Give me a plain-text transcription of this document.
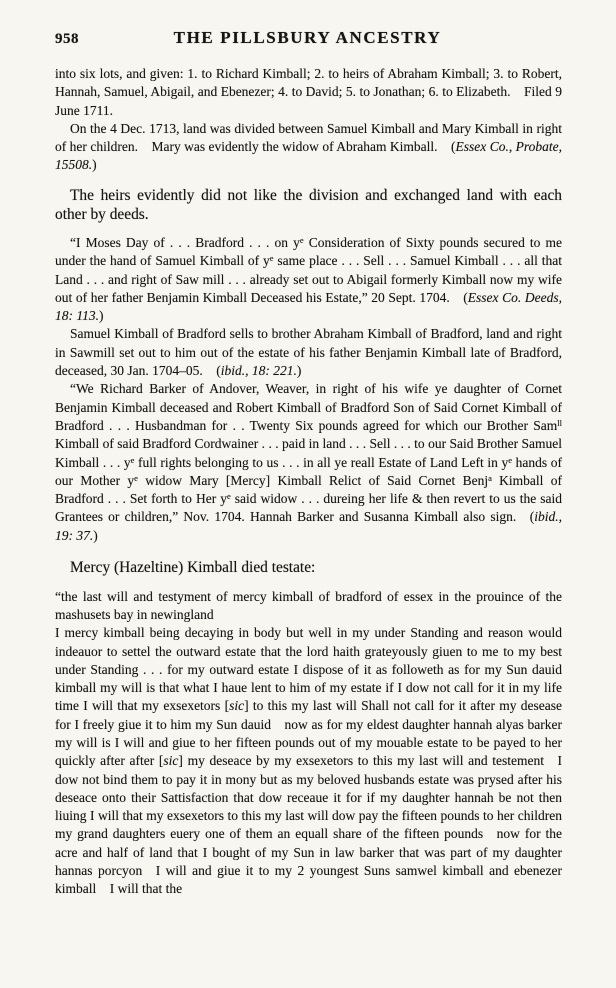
958	THE PILLSBURY ANCESTRY

into six lots, and given: 1. to Richard Kimball; 2. to heirs of Abraham Kimball; 3. to Robert, Hannah, Samuel, Abigail, and Ebenezer; 4. to David; 5. to Jonathan; 6. to Elizabeth. Filed 9 June 1711.

On the 4 Dec. 1713, land was divided between Samuel Kimball and Mary Kimball in right of her children. Mary was evidently the widow of Abraham Kimball. (Essex Co., Probate, 15508.)

The heirs evidently did not like the division and exchanged land with each other by deeds.

“I Moses Day of . . . Bradford . . . on $y^e$ Consideration of Sixty pounds secured to me under the hand of Samuel Kimball of $y^e$ same place . . . Sell . . . Samuel Kimball . . . all that Land . . . and right of Saw mill . . . already set out to Abigail formerly Kimball now my wife out of her father Benjamin Kimball Deceased his Estate,” 20 Sept. 1704. (Essex Co. Deeds, 18: 113.)

Samuel Kimball of Bradford sells to brother Abraham Kimball of Bradford, land and right in Sawmill set out to him out of the estate of his father Benjamin Kimball late of Bradford, deceased, 30 Jan. 1704–05. (ibid., 18: 221.)

“We Richard Barker of Andover, Weaver, in right of his wife ye daughter of Cornet Benjamin Kimball deceased and Robert Kimball of Bradford Son of Said Cornet Kimball of Bradford . . . Husbandman for . . Twenty Six pounds agreed for which our Brother Sam$^{ll}$ Kimball of said Bradford Cordwainer . . . paid in land . . . Sell . . . to our Said Brother Samuel Kimball . . . $y^e$ full rights belonging to us . . . in all ye reall Estate of Land Left in $y^e$ hands of our Mother $y^e$ widow Mary [Mercy] Kimball Relict of Said Cornet Benj$^a$ Kimball of Bradford . . . Set forth to Her $y^e$ said widow . . . dureing her life & then revert to us the said Grantees or children,” Nov. 1704. Hannah Barker and Susanna Kimball also sign. (ibid., 19: 37.)

Mercy (Hazeltine) Kimball died testate:

“the last will and testyment of mercy kimball of bradford of essex in the prouince of the mashusets bay in newingland

I mercy kimball being decaying in body but well in my under Standing and reason would indeauor to settel the outward estate that the lord haith grateyously giuen to me to my best under Standing . . . for my outward estate I dispose of it as followeth as for my Sun dauid kimball my will is that what I haue lent to him of my estate if I dow not call for it in my life time I will that my exsexetors [sic] to this my last will Shall not call for it after my desease for I freely giue it to him my Sun dauid now as for my eldest daughter hannah alyas barker my will is I will and giue to her fifteen pounds out of my mouable estate to be payed to her quickly after after [sic] my deseace by my exsexetors to this my last will and testement I dow not bind them to pay it in mony but as my beloved husbands estate was prysed after his deseace onto their Sattisfaction that dow receaue it for if my daughter hannah be not then liuing I will that my exsexetors to this my last will dow pay the fifteen pounds to her children my grand daughters euery one of them an equall share of the fifteen pounds now for the acre and half of land that I bought of my Sun in law barker that was part of my daughter hannas porcyon I will and giue it to my 2 youngest Suns samwel kimball and ebenezer kimball I will that the
